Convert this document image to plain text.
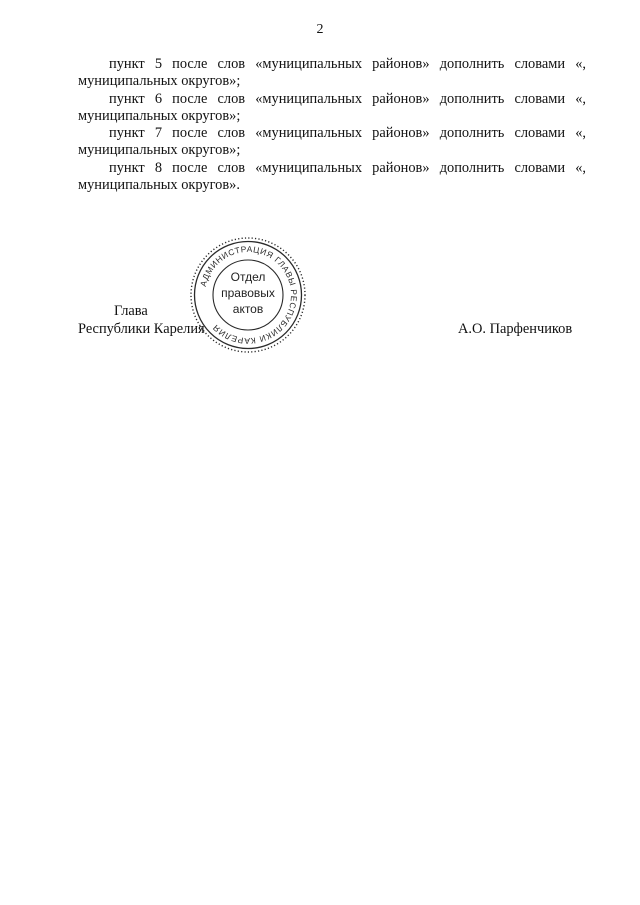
2

пункт 5 после слов «муниципальных районов» дополнить словами «, муниципальных округов»;

пункт 6 после слов «муниципальных районов» дополнить словами «, муниципальных округов»;

пункт 7 после слов «муниципальных районов» дополнить словами «, муниципальных округов»;

пункт 8 после слов «муниципальных районов» дополнить словами «, муниципальных округов».

Глава
Республики Карелия	А.О. Парфенчиков
АДМИНИСТРАЦИЯ ГЛАВЫ РЕСПУБЛИКИ КАРЕЛИЯ
Отдел
правовых
актов
